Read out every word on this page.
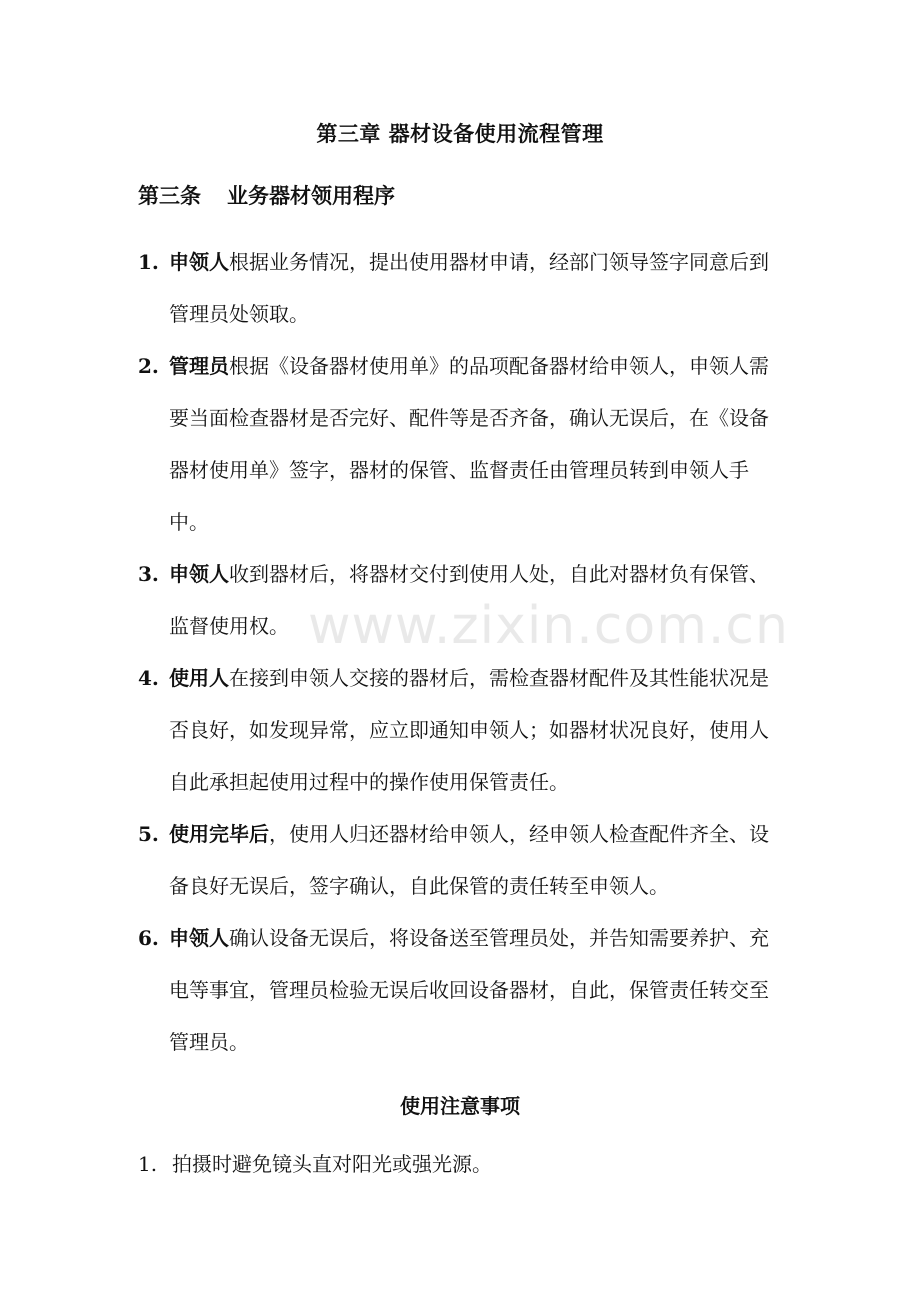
第三章 器材设备使用流程管理
第三条 业务器材领用程序
1. 申领人根据业务情况，提出使用器材申请，经部门领导签字同意后到管理员处领取。
2. 管理员根据《设备器材使用单》的品项配备器材给申领人，申领人需要当面检查器材是否完好、配件等是否齐备，确认无误后，在《设备器材使用单》签字，器材的保管、监督责任由管理员转到申领人手中。
3. 申领人收到器材后，将器材交付到使用人处，自此对器材负有保管、监督使用权。
4. 使用人在接到申领人交接的器材后，需检查器材配件及其性能状况是否良好，如发现异常，应立即通知申领人；如器材状况良好，使用人自此承担起使用过程中的操作使用保管责任。
5. 使用完毕后，使用人归还器材给申领人，经申领人检查配件齐全、设备良好无误后，签字确认，自此保管的责任转至申领人。
6. 申领人确认设备无误后，将设备送至管理员处，并告知需要养护、充电等事宜，管理员检验无误后收回设备器材，自此，保管责任转交至管理员。
使用注意事项
1. 拍摄时避免镜头直对阳光或强光源。
www.zixin.com.cn
